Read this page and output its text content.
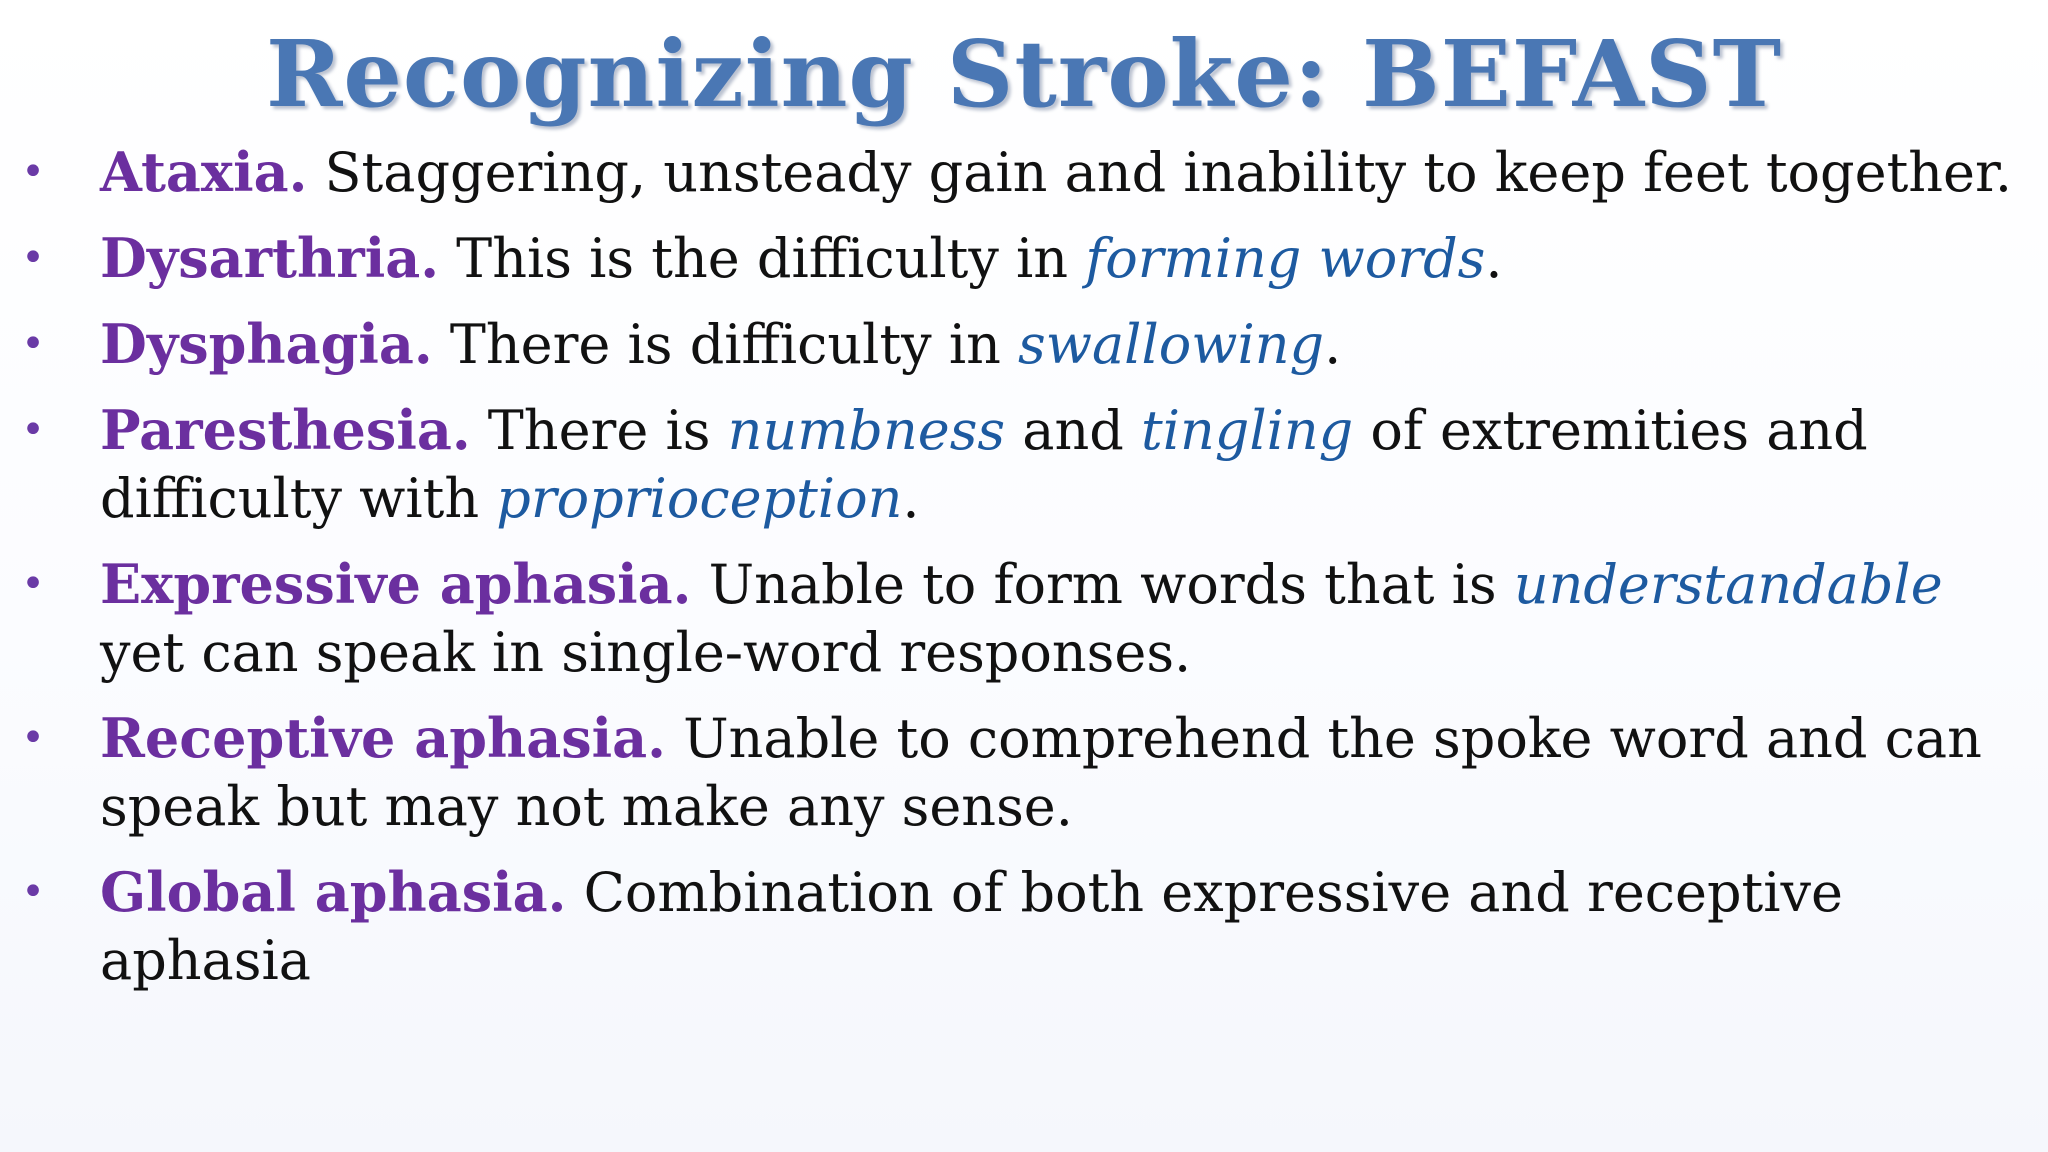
Recognizing Stroke: BEFAST
• Ataxia. Staggering, unsteady gain and inability to keep feet together.
• Dysarthria. This is the difficulty in forming words.
• Dysphagia. There is difficulty in swallowing.
• Paresthesia. There is numbness and tingling of extremities and difficulty with proprioception.
• Expressive aphasia. Unable to form words that is understandable yet can speak in single-word responses.
• Receptive aphasia. Unable to comprehend the spoke word and can speak but may not make any sense.
• Global aphasia. Combination of both expressive and receptive aphasia
